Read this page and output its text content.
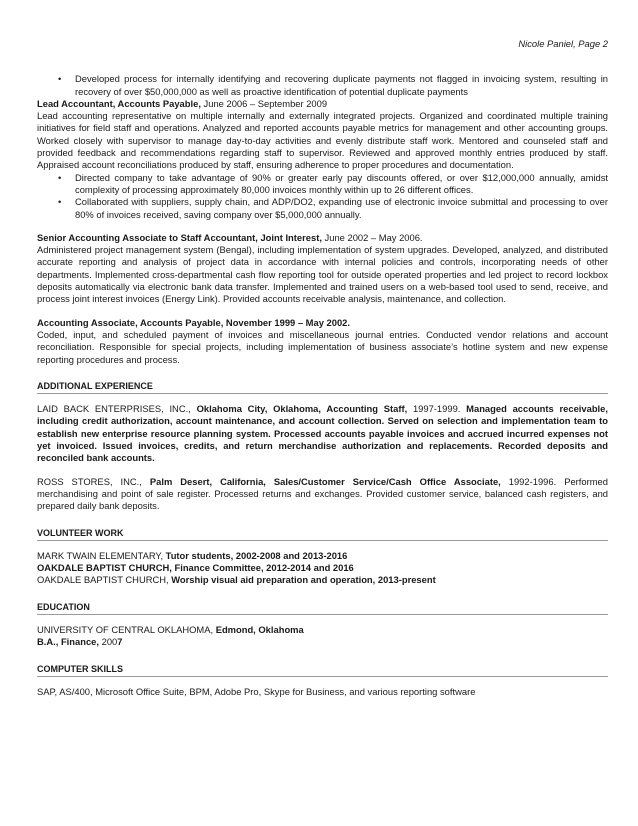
Nicole Paniel, Page 2
• Developed process for internally identifying and recovering duplicate payments not flagged in invoicing system, resulting in recovery of over $50,000,000 as well as proactive identification of potential duplicate payments
Lead Accountant, Accounts Payable, June 2006 – September 2009
Lead accounting representative on multiple internally and externally integrated projects. Organized and coordinated multiple training initiatives for field staff and operations. Analyzed and reported accounts payable metrics for management and other accounting groups. Worked closely with supervisor to manage day-to-day activities and evenly distribute staff work. Mentored and counseled staff and provided feedback and recommendations regarding staff to supervisor. Reviewed and approved monthly entries produced by staff. Appraised account reconciliations produced by staff, ensuring adherence to proper procedures and documentation.
• Directed company to take advantage of 90% or greater early pay discounts offered, or over $12,000,000 annually, amidst complexity of processing approximately 80,000 invoices monthly within up to 26 different offices.
• Collaborated with suppliers, supply chain, and ADP/DO2, expanding use of electronic invoice submittal and processing to over 80% of invoices received, saving company over $5,000,000 annually.
Senior Accounting Associate to Staff Accountant, Joint Interest, June 2002 – May 2006.
Administered project management system (Bengal), including implementation of system upgrades. Developed, analyzed, and distributed accurate reporting and analysis of project data in accordance with internal policies and controls, incorporating needs of other departments. Implemented cross-departmental cash flow reporting tool for outside operated properties and led project to record lockbox deposits automatically via electronic bank data transfer. Implemented and trained users on a web-based tool used to send, receive, and process joint interest invoices (Energy Link). Provided accounts receivable analysis, maintenance, and collection.
Accounting Associate, Accounts Payable, November 1999 – May 2002.
Coded, input, and scheduled payment of invoices and miscellaneous journal entries. Conducted vendor relations and account reconciliation. Responsible for special projects, including implementation of business associate’s hotline system and new expense reporting procedures and process.
ADDITIONAL EXPERIENCE
LAID BACK ENTERPRISES, INC., Oklahoma City, Oklahoma, Accounting Staff, 1997-1999. Managed accounts receivable, including credit authorization, account maintenance, and account collection. Served on selection and implementation team to establish new enterprise resource planning system. Processed accounts payable invoices and accrued incurred expenses not yet invoiced. Issued invoices, credits, and return merchandise authorization and replacements. Recorded deposits and reconciled bank accounts.
ROSS STORES, INC., Palm Desert, California, Sales/Customer Service/Cash Office Associate, 1992-1996. Performed merchandising and point of sale register. Processed returns and exchanges. Provided customer service, balanced cash registers, and prepared daily bank deposits.
VOLUNTEER WORK
MARK TWAIN ELEMENTARY, Tutor students, 2002-2008 and 2013-2016
OAKDALE BAPTIST CHURCH, Finance Committee, 2012-2014 and 2016
OAKDALE BAPTIST CHURCH, Worship visual aid preparation and operation, 2013-present
EDUCATION
UNIVERSITY OF CENTRAL OKLAHOMA, Edmond, Oklahoma
B.A., Finance, 2007
COMPUTER SKILLS
SAP, AS/400, Microsoft Office Suite, BPM, Adobe Pro, Skype for Business, and various reporting software
